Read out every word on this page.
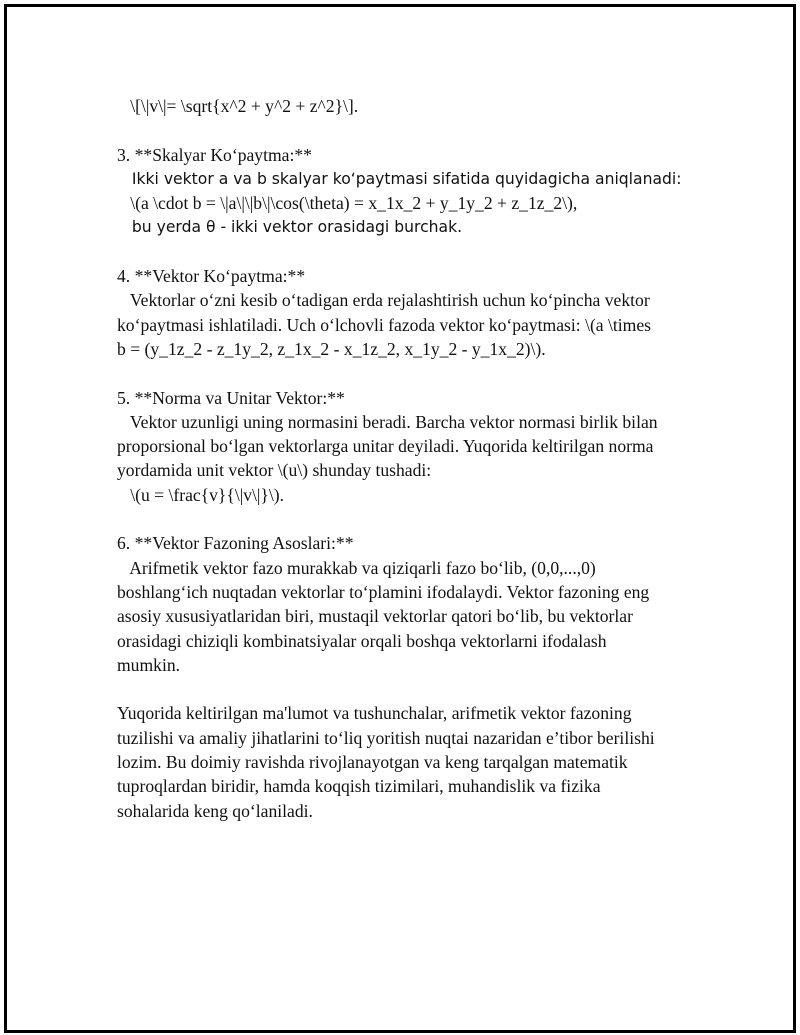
\[\|v\|= \sqrt{x^2 + y^2 + z^2}\].
3. **Skalyar Ko‘paytma:**
Ikki vektor a va b skalyar ko‘paytmasi sifatida quyidagicha aniqlanadi:
\(a \cdot b = \|a\|\|b\|\cos(\theta) = x_1x_2 + y_1y_2 + z_1z_2\),
bu yerda θ - ikki vektor orasidagi burchak.
4. **Vektor Ko‘paytma:**
Vektorlar o‘zni kesib o‘tadigan erda rejalashtirish uchun ko‘pincha vektor
ko‘paytmasi ishlatiladi. Uch o‘lchovli fazoda vektor ko‘paytmasi: \(a \times
b = (y_1z_2 - z_1y_2, z_1x_2 - x_1z_2, x_1y_2 - y_1x_2)\).
5. **Norma va Unitar Vektor:**
Vektor uzunligi uning normasini beradi. Barcha vektor normasi birlik bilan
proporsional bo‘lgan vektorlarga unitar deyiladi. Yuqorida keltirilgan norma
yordamida unit vektor \(u\) shunday tushadi:
\(u = \frac{v}{\|v\|}\).
6. **Vektor Fazoning Asoslari:**
Arifmetik vektor fazo murakkab va qiziqarli fazo bo‘lib, (0,0,...,0)
boshlang‘ich nuqtadan vektorlar to‘plamini ifodalaydi. Vektor fazoning eng
asosiy xususiyatlaridan biri, mustaqil vektorlar qatori bo‘lib, bu vektorlar
orasidagi chiziqli kombinatsiyalar orqali boshqa vektorlarni ifodalash
mumkin.
Yuqorida keltirilgan ma'lumot va tushunchalar, arifmetik vektor fazoning
tuzilishi va amaliy jihatlarini to‘liq yoritish nuqtai nazaridan e’tibor berilishi
lozim. Bu doimiy ravishda rivojlanayotgan va keng tarqalgan matematik
tuproqlardan biridir, hamda koqqish tizimilari, muhandislik va fizika
sohalarida keng qo‘laniladi.
